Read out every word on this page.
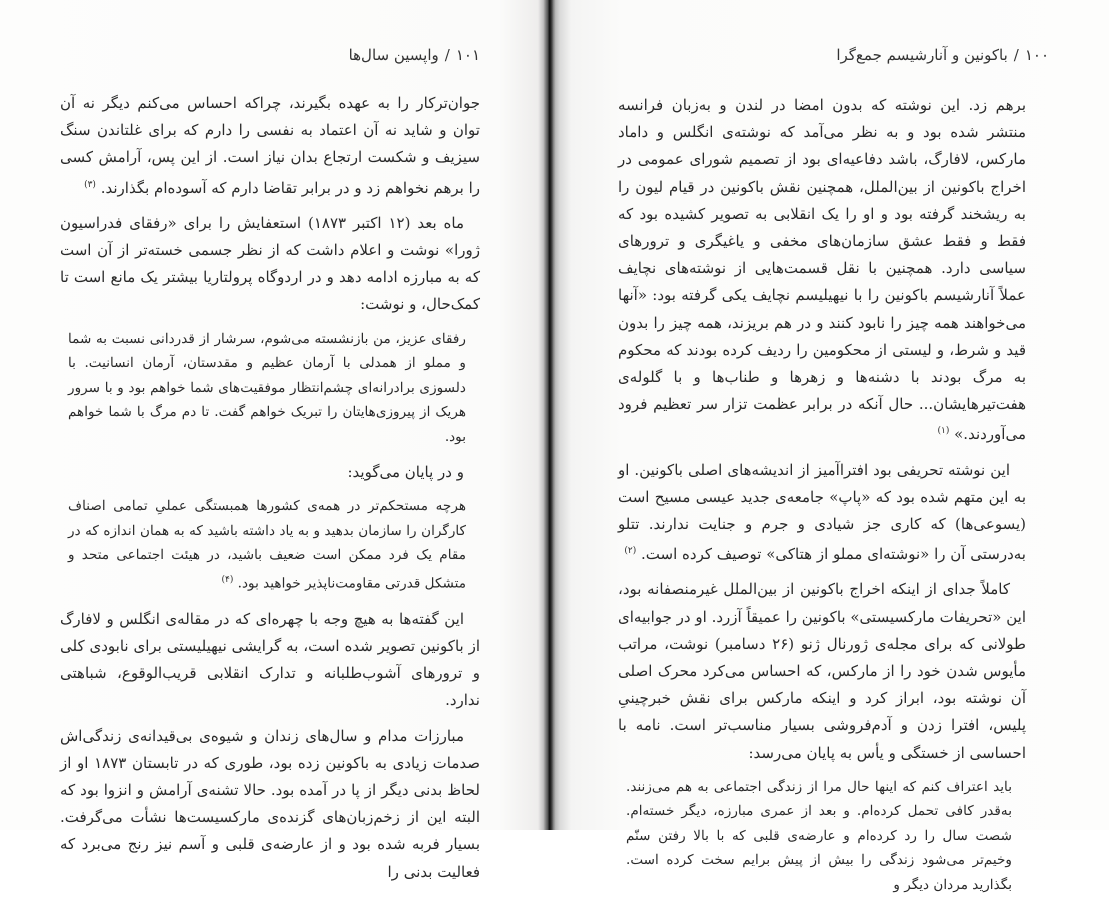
۱۰۱
/
واپسین سال‌ها

جوان‌ترکار را به عهده بگیرند، چراکه احساس می‌کنم دیگر نه آن توان و شاید نه آن اعتماد به نفسی را دارم که برای غلتاندن سنگ سیزیف و شکست ارتجاع بدان نیاز است. از این پس، آرامش کسی را برهم نخواهم زد و در برابر تقاضا دارم که آسوده‌ام بگذارند. $^{(۳)}$

ماه بعد (۱۲ اکتبر ۱۸۷۳) استعفایش را برای «رفقای فدراسیون ژورا» نوشت و اعلام داشت که از نظر جسمی خسته‌تر از آن است که به مبارزه ادامه دهد و در اردوگاه پرولتاریا بیشتر یک مانع است تا کمک‌حال، و نوشت:

رفقای عزیز، من بازنشسته می‌شوم، سرشار از قدردانی نسبت به شما و مملو از همدلی با آرمان عظیم و مقدستان، آرمان انسانیت. با دلسوزی برادرانه‌ای چشم‌انتظار موفقیت‌های شما خواهم بود و با سرور هریک از پیروزی‌هایتان را تبریک خواهم گفت. تا دم مرگ با شما خواهم بود.

و در پایان می‌گوید:

هرچه مستحکم‌تر در همه‌ی کشورها همبستگی عملیِ تمامی اصناف کارگران را سازمان بدهید و به یاد داشته باشید که به همان اندازه که در مقام یک فرد ممکن است ضعیف باشید، در هیئت اجتماعی متحد و متشکل قدرتی مقاومت‌ناپذیر خواهید بود. $^{(۴)}$

این گفته‌ها به هیچ وجه با چهره‌ای که در مقاله‌ی انگلس و لافارگ از باکونین تصویر شده است، به گرایشی نیهیلیستی برای نابودی کلی و ترورهای آشوب‌طلبانه و تدارک انقلابی قریب‌الوقوع، شباهتی ندارد.

مبارزات مدام و سال‌های زندان و شیوه‌ی بی‌قیدانه‌ی زندگی‌اش صدمات زیادی به باکونین زده بود، طوری که در تابستان ۱۸۷۳ او از لحاظ بدنی دیگر از پا در آمده بود. حالا تشنه‌ی آرامش و انزوا بود که البته این از زخم‌زبان‌های گزنده‌ی مارکسیست‌ها نشأت می‌گرفت. بسیار فربه شده بود و از عارضه‌ی قلبی و آسم نیز رنج می‌برد که فعالیت بدنی را

۱۰۰
/
باکونین و آنارشیسم جمع‌گرا

برهم زد. این نوشته که بدون امضا در لندن و به‌زبان فرانسه منتشر شده بود و به نظر می‌آمد که نوشته‌ی انگلس و داماد مارکس، لافارگ، باشد دفاعیه‌ای بود از تصمیم شورای عمومی در اخراج باکونین از بین‌الملل، همچنین نقش باکونین در قیام لیون را به ریشخند گرفته بود و او را یک انقلابی به تصویر کشیده بود که فقط و فقط عشق سازمان‌های مخفی و یاغیگری و ترورهای سیاسی دارد. همچنین با نقل قسمت‌هایی از نوشته‌های نچایف عملاً آنارشیسم باکونین را با نیهیلیسم نچایف یکی گرفته بود: «آنها می‌خواهند همه چیز را نابود کنند و در هم بریزند، همه چیز را بدون قید و شرط، و لیستی از محکومین را ردیف کرده بودند که محکوم به مرگ بودند با دشنه‌ها و زهرها و طناب‌ها و با گلوله‌ی هفت‌تیرهایشان... حال آنکه در برابر عظمت تزار سر تعظیم فرود می‌آوردند.» $^{(۱)}$

این نوشته تحریفی بود افتراآمیز از اندیشه‌های اصلی باکونین. او به این متهم شده بود که «پاپ» جامعه‌ی جدید عیسی مسیح است (یسوعی‌ها) که کاری جز شیادی و جرم و جنایت ندارند. تتلو به‌درستی آن را «نوشته‌ای مملو از هتاکی» توصیف کرده است. $^{(۲)}$

کاملاً جدای از اینکه اخراج باکونین از بین‌الملل غیرمنصفانه بود، این «تحریفات مارکسیستی» باکونین را عمیقاً آزرد. او در جوابیه‌ای طولانی که برای مجله‌ی ژورنال ژنو (۲۶ دسامبر) نوشت، مراتب مأیوس شدن خود را از مارکس، که احساس می‌کرد محرک اصلی آن نوشته بود، ابراز کرد و اینکه مارکس برای نقش خبرچینیِ پلیس، افترا زدن و آدم‌فروشی بسیار مناسب‌تر است. نامه با احساسی از خستگی و یأس به پایان می‌رسد:

باید اعتراف کنم که اینها حال مرا از زندگی اجتماعی به هم می‌زنند. به‌قدر کافی تحمل کرده‌ام. و بعد از عمری مبارزه، دیگر خسته‌ام. شصت سال را رد کرده‌ام و عارضه‌ی قلبی که با بالا رفتن سنّم وخیم‌تر می‌شود زندگی را بیش از پیش برایم سخت کرده است. بگذارید مردان دیگر و
